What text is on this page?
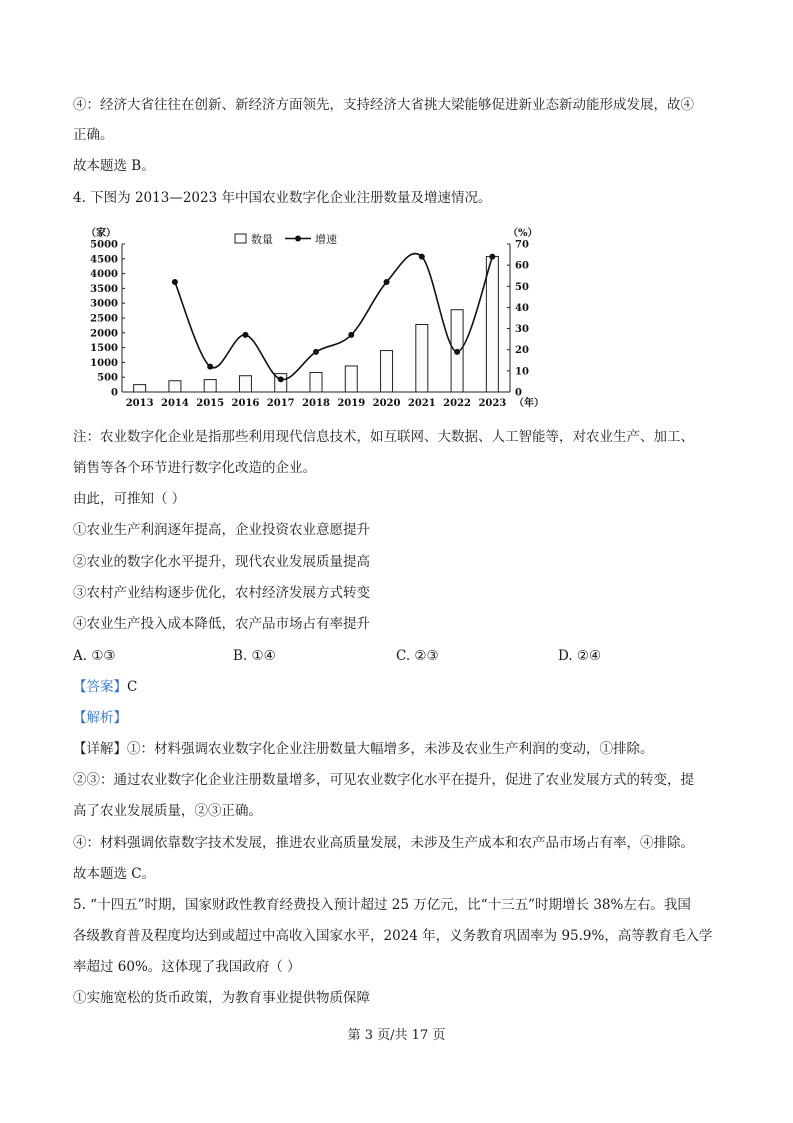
④：经济大省往往在创新、新经济方面领先，支持经济大省挑大梁能够促进新业态新动能形成发展，故④
正确。
故本题选 B。
4. 下图为 2013—2023 年中国农业数字化企业注册数量及增速情况。
0
500
1000
1500
2000
2500
3000
3500
4000
4500
5000
0
10
20
30
40
50
60
70
（家）	（%）
（年）
2013 2014 2015 2016 2017 2018 2019 2020 2021 2022 2023
数量	增速
注：农业数字化企业是指那些利用现代信息技术，如互联网、大数据、人工智能等，对农业生产、加工、
销售等各个环节进行数字化改造的企业。
由此，可推知（ ）
①农业生产利润逐年提高，企业投资农业意愿提升
②农业的数字化水平提升，现代农业发展质量提高
③农村产业结构逐步优化，农村经济发展方式转变
④农业生产投入成本降低，农产品市场占有率提升
A. ①③	B. ①④	C. ②③	D. ②④
【答案】C
【解析】
【详解】①：材料强调农业数字化企业注册数量大幅增多，未涉及农业生产利润的变动，①排除。
②③：通过农业数字化企业注册数量增多，可见农业数字化水平在提升，促进了农业发展方式的转变，提
高了农业发展质量，②③正确。
④：材料强调依靠数字技术发展，推进农业高质量发展，未涉及生产成本和农产品市场占有率，④排除。
故本题选 C。
5. “十四五”时期，国家财政性教育经费投入预计超过 25 万亿元，比“十三五”时期增长 38%左右。我国
各级教育普及程度均达到或超过中高收入国家水平，2024 年，义务教育巩固率为 95.9%，高等教育毛入学
率超过 60%。这体现了我国政府（ ）
①实施宽松的货币政策，为教育事业提供物质保障
第 3 页/共 17 页
